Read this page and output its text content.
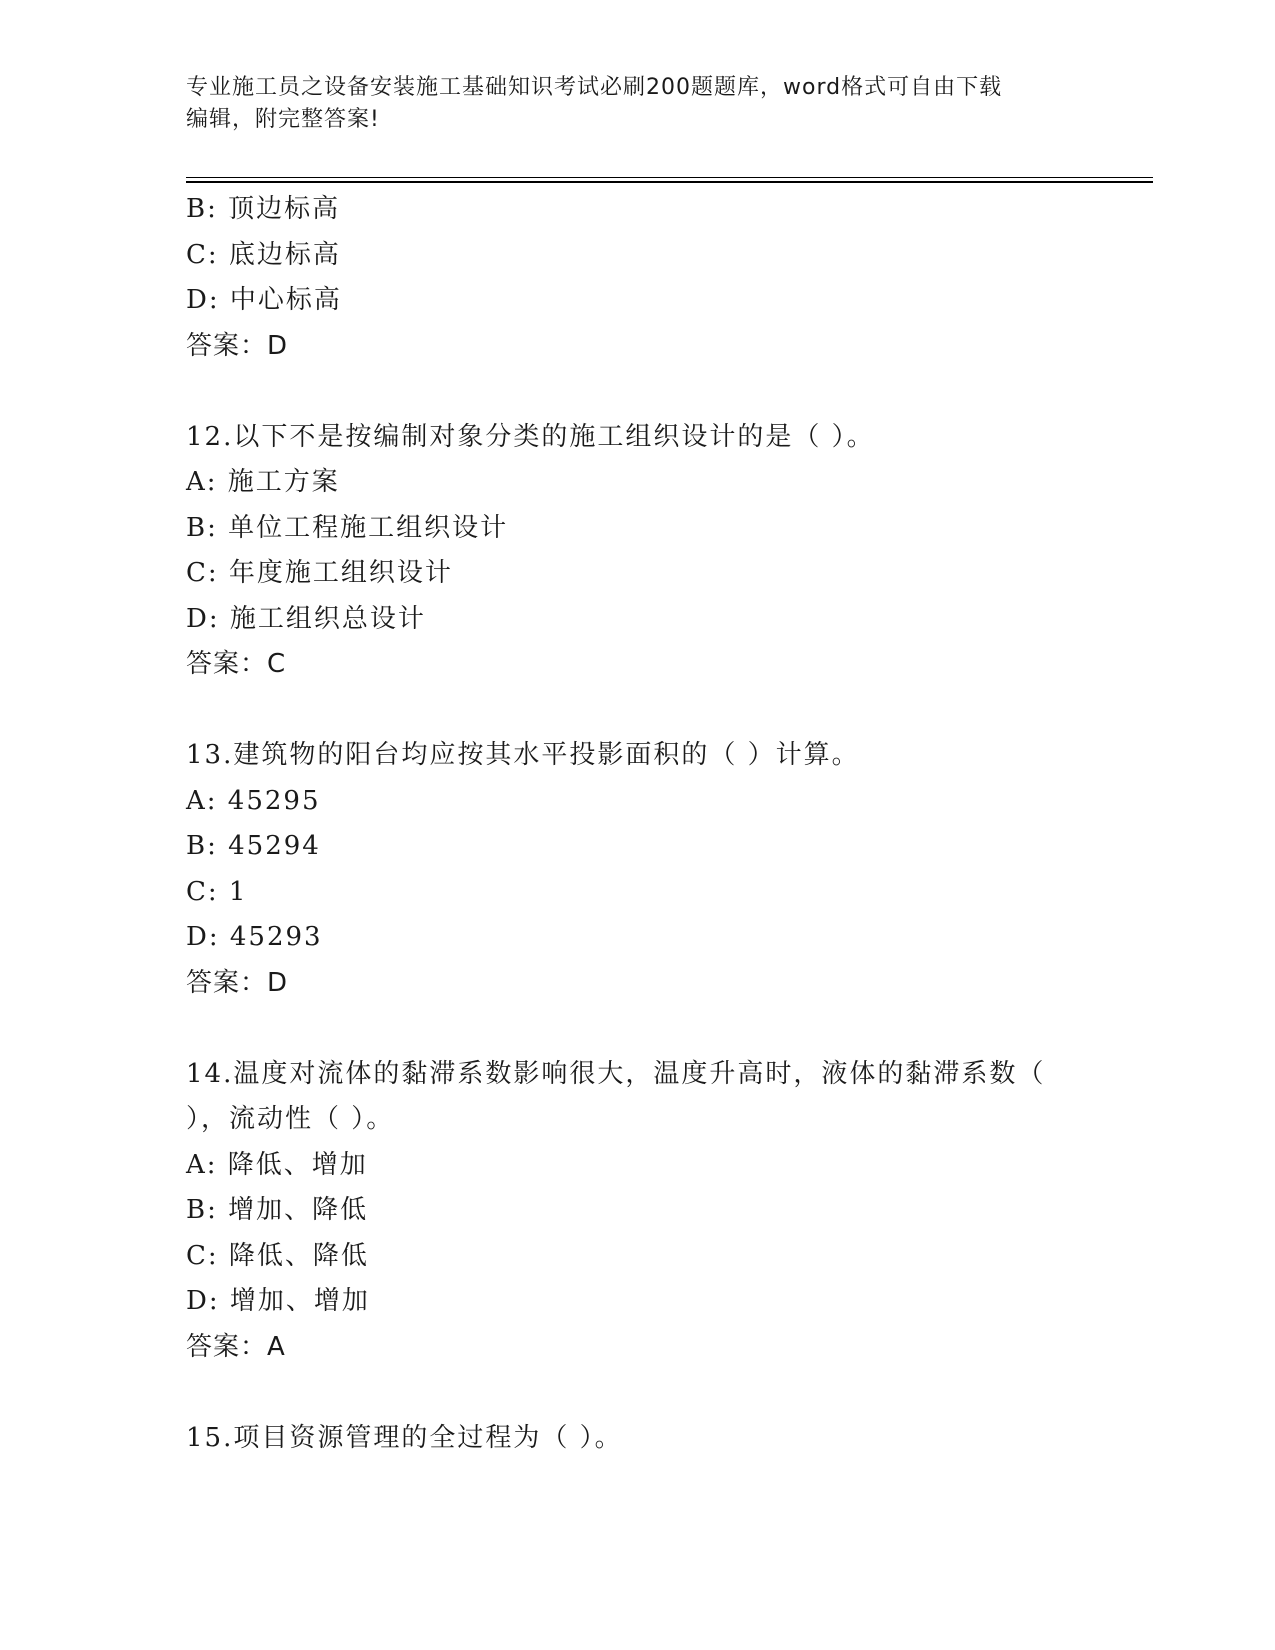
专业施工员之设备安装施工基础知识考试必刷200题题库，word格式可自由下载
编辑，附完整答案!
B: 顶边标高
C: 底边标高
D: 中心标高
答案：D
12.以下不是按编制对象分类的施工组织设计的是（ ）。
A: 施工方案
B: 单位工程施工组织设计
C: 年度施工组织设计
D: 施工组织总设计
答案：C
13.建筑物的阳台均应按其水平投影面积的（ ）计算。
A: 45295
B: 45294
C: 1
D: 45293
答案：D
14.温度对流体的黏滞系数影响很大，温度升高时，液体的黏滞系数（
），流动性（ ）。
A: 降低、增加
B: 增加、降低
C: 降低、降低
D: 增加、增加
答案：A
15.项目资源管理的全过程为（ ）。
